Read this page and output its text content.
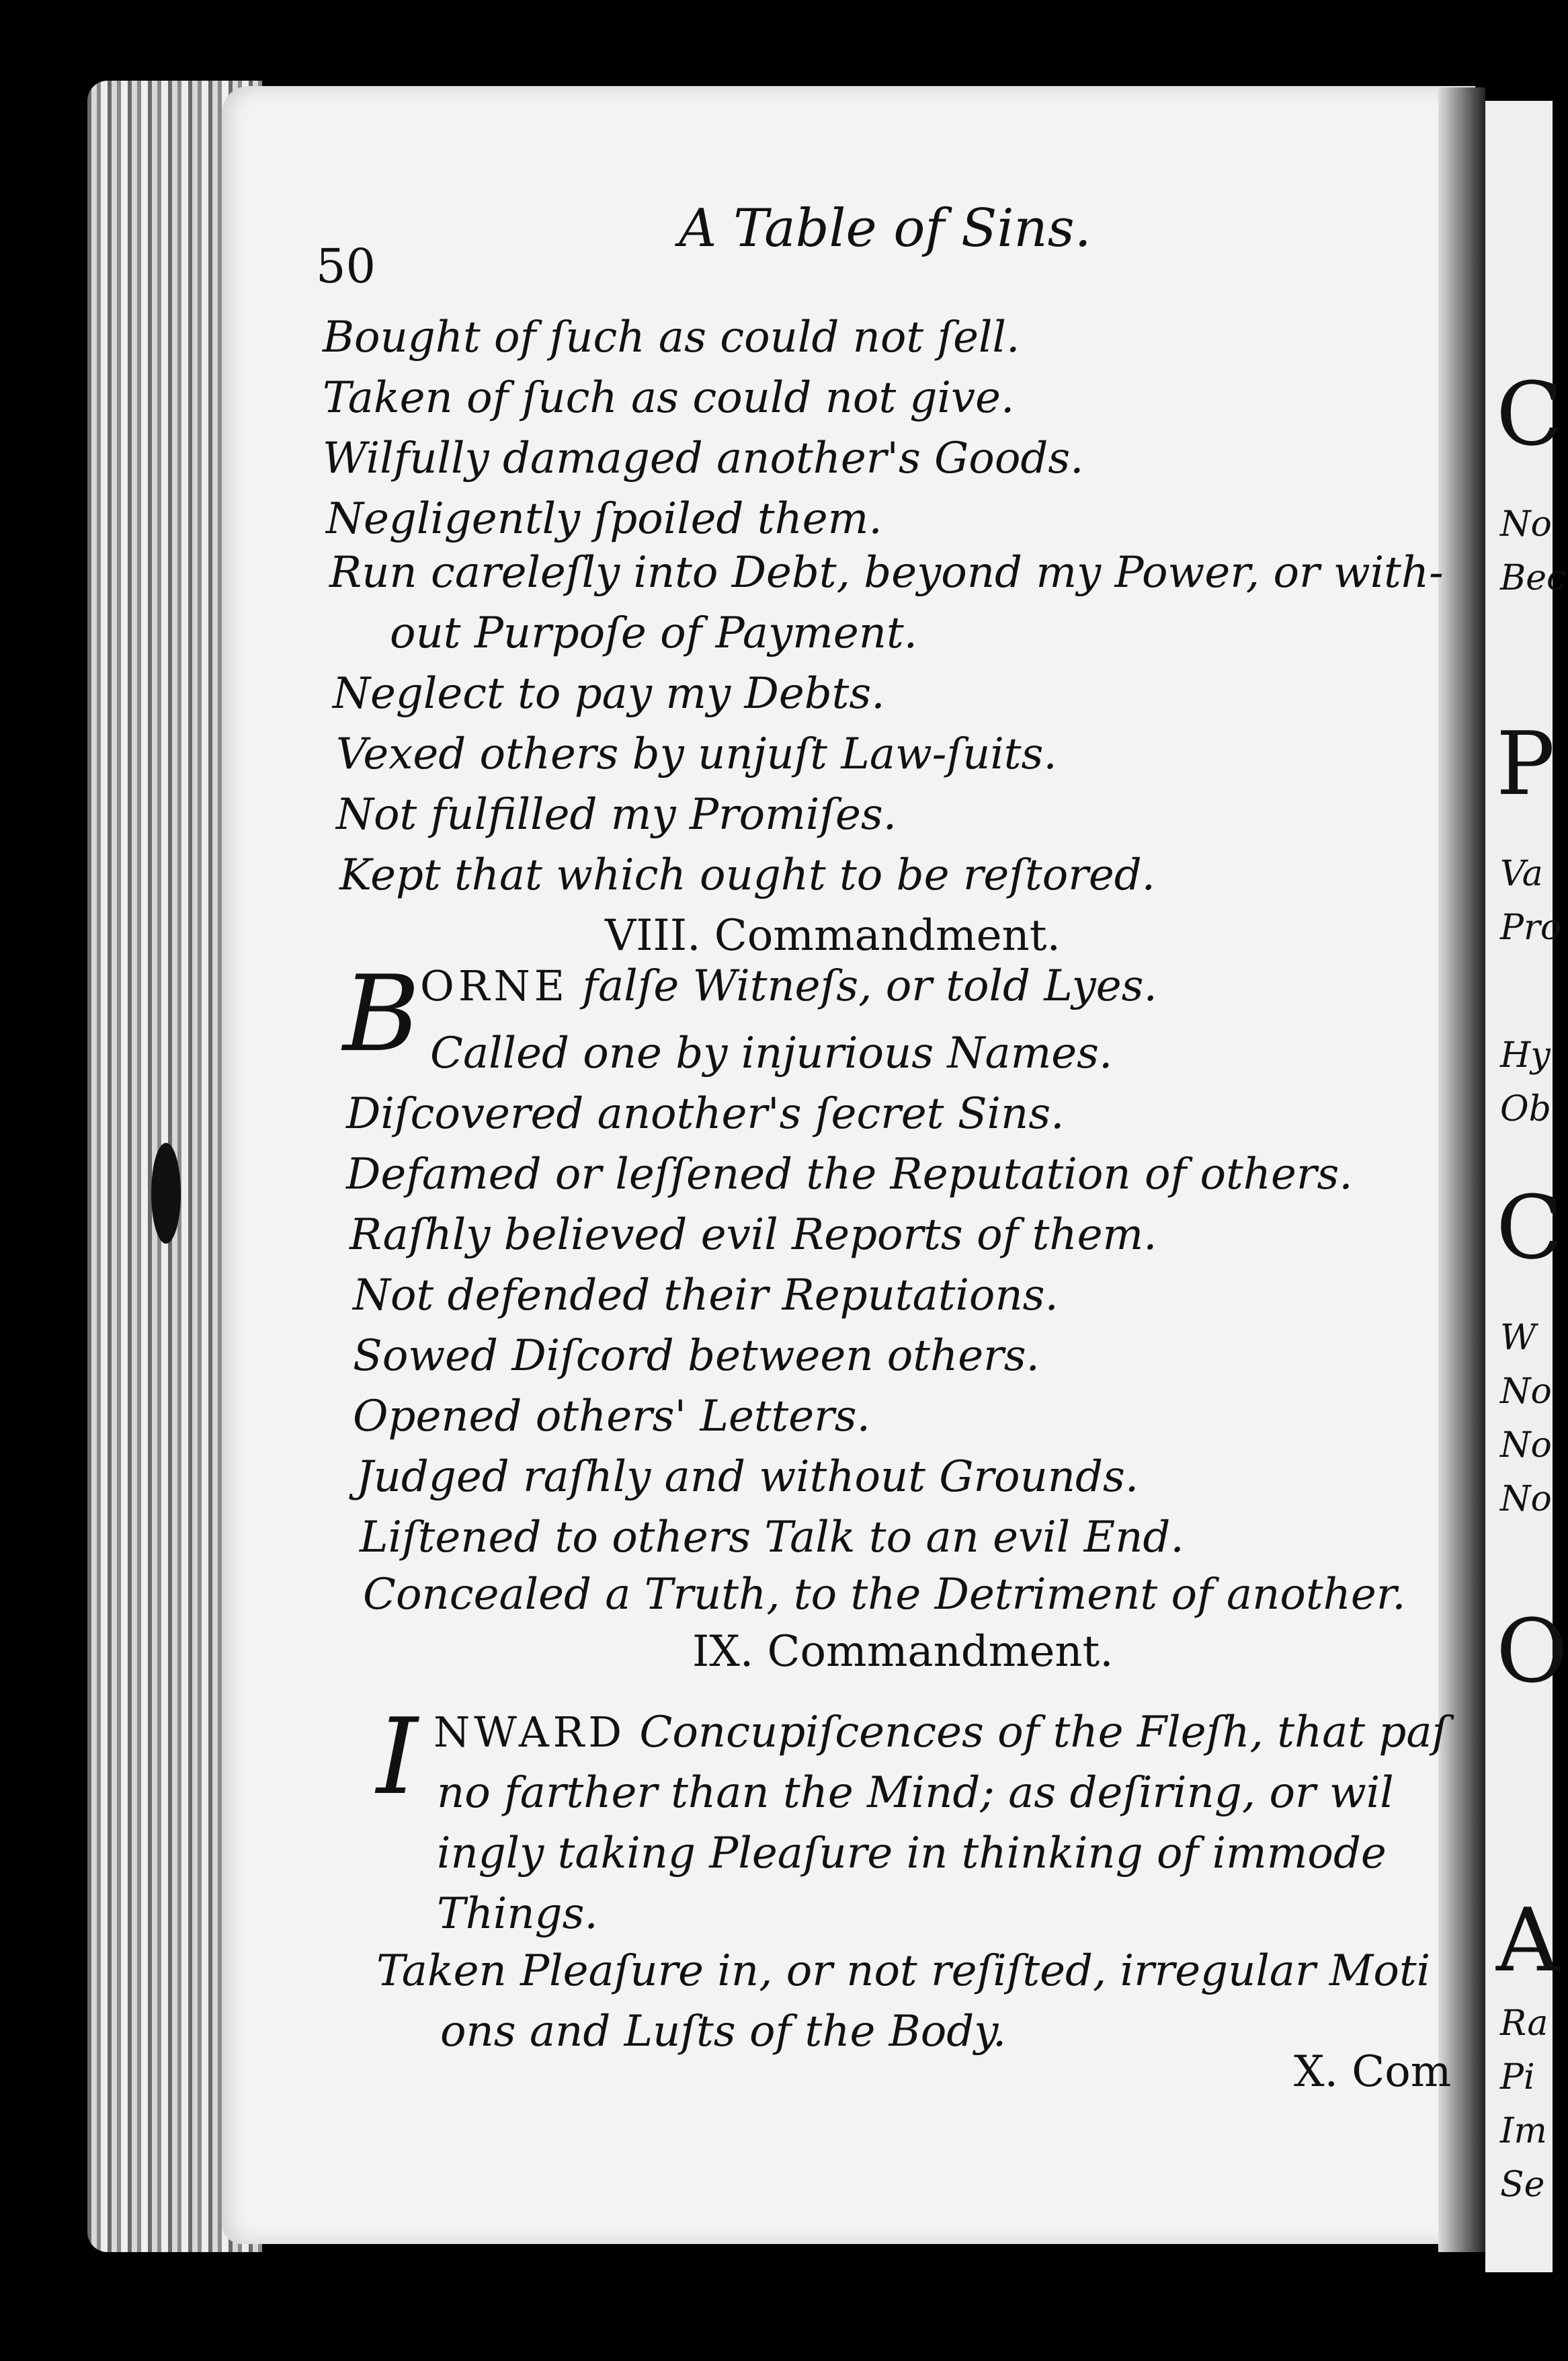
C
No
Bec
P
Va
Pro
Hy
Ob
C
W
No
No
No
O
A
Ra
Pi
Im
Se
50
A Table of Sins.
Bought of ſuch as could not ſell.
Taken of ſuch as could not give.
Wilfully damaged another's Goods.
Negligently ſpoiled them.
Run careleſly into Debt, beyond my Power, or with-
out Purpoſe of Payment.
Neglect to pay my Debts.
Vexed others by unjuſt Law-ſuits.
Not fulfilled my Promiſes.
Kept that which ought to be reſtored.
VIII. Commandment.
B ORNE falſe Witneſs, or told Lyes.
Called one by injurious Names.
Diſcovered another's ſecret Sins.
Defamed or leſſened the Reputation of others.
Raſhly believed evil Reports of them.
Not defended their Reputations.
Sowed Diſcord between others.
Opened others' Letters.
Judged raſhly and without Grounds.
Liſtened to others Talk to an evil End.
Concealed a Truth, to the Detriment of another.
IX. Commandment.
I NWARD Concupiſcences of the Fleſh, that paſ
no farther than the Mind; as deſiring, or wil
ingly taking Pleaſure in thinking of immode
Things.
Taken Pleaſure in, or not reſiſted, irregular Moti
ons and Luſts of the Body.
X. Com
